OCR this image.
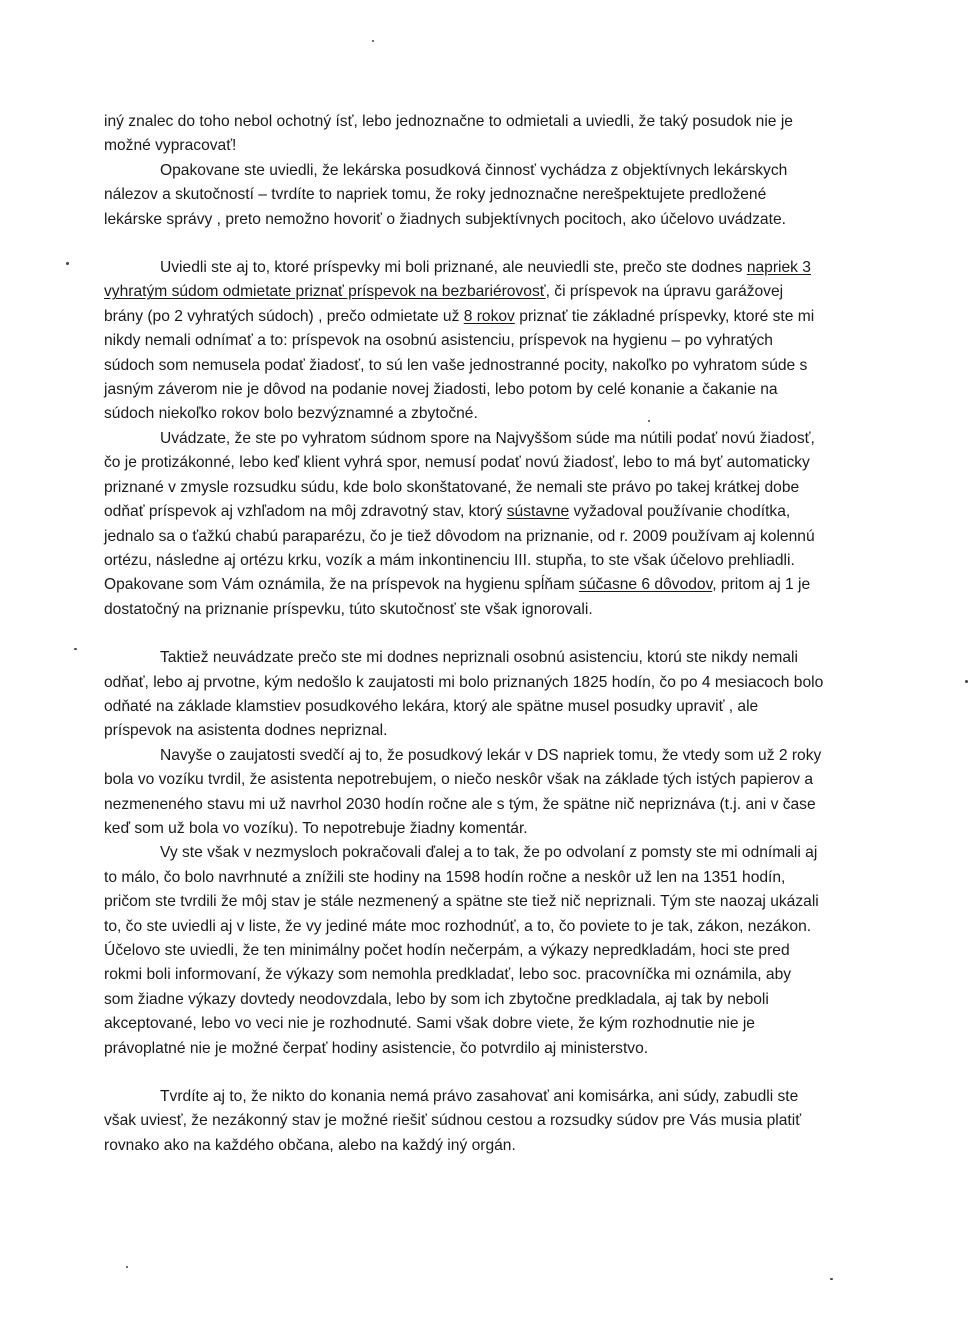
iný znalec do toho nebol ochotný ísť, lebo jednoznačne to odmietali a uviedli, že taký posudok nie je možné vypracovať!

Opakovane ste uviedli, že lekárska posudková činnosť vychádza z objektívnych lekárskych nálezov a skutočností – tvrdíte to napriek tomu, že roky jednoznačne nerešpektujete predložené lekárske správy , preto nemožno hovoriť o žiadnych subjektívnych pocitoch, ako účelovo uvádzate.

Uviedli ste aj to, ktoré príspevky mi boli priznané, ale neuviedli ste, prečo ste dodnes napriek 3 vyhratým súdom odmietate priznať príspevok na bezbariérovosť, či príspevok na úpravu garážovej brány (po 2 vyhratých súdoch) , prečo odmietate už 8 rokov priznať tie základné príspevky, ktoré ste mi nikdy nemali odnímať a to: príspevok na osobnú asistenciu, príspevok na hygienu – po vyhratých súdoch som nemusela podať žiadosť, to sú len vaše jednostranné pocity, nakoľko po vyhratom súde s jasným záverom nie je dôvod na podanie novej žiadosti, lebo potom by celé konanie a čakanie na súdoch niekoľko rokov bolo bezvýznamné a zbytočné.

Uvádzate, že ste po vyhratom súdnom spore na Najvyššom súde ma nútili podať novú žiadosť, čo je protizákonné, lebo keď klient vyhrá spor, nemusí podať novú žiadosť, lebo to má byť automaticky priznané v zmysle rozsudku súdu, kde bolo skonštatované, že nemali ste právo po takej krátkej dobe odňať príspevok aj vzhľadom na môj zdravotný stav, ktorý sústavne vyžadoval používanie chodítka, jednalo sa o ťažkú chabú paraparézu, čo je tiež dôvodom na priznanie, od r. 2009 používam aj kolennú ortézu, následne aj ortézu krku, vozík a mám inkontinenciu III. stupňa, to ste však účelovo prehliadli. Opakovane som Vám oznámila, že na príspevok na hygienu spĺňam súčasne 6 dôvodov, pritom aj 1 je dostatočný na priznanie príspevku, túto skutočnosť ste však ignorovali.

Taktiež neuvádzate prečo ste mi dodnes nepriznali osobnú asistenciu, ktorú ste nikdy nemali odňať, lebo aj prvotne, kým nedošlo k zaujatosti mi bolo priznaných 1825 hodín, čo po 4 mesiacoch bolo odňaté na základe klamstiev posudkového lekára, ktorý ale spätne musel posudky upraviť , ale príspevok na asistenta dodnes nepriznal.

Navyše o zaujatosti svedčí aj to, že posudkový lekár v DS napriek tomu, že vtedy som už 2 roky bola vo vozíku tvrdil, že asistenta nepotrebujem, o niečo neskôr však na základe tých istých papierov a nezmeneného stavu mi už navrhol 2030 hodín ročne ale s tým, že spätne nič nepriznáva (t.j. ani v čase keď som už bola vo vozíku). To nepotrebuje žiadny komentár.

Vy ste však v nezmysloch pokračovali ďalej a to tak, že po odvolaní z pomsty ste mi odnímali aj to málo, čo bolo navrhnuté a znížili ste hodiny na 1598 hodín ročne a neskôr už len na 1351 hodín, pričom ste tvrdili že môj stav je stále nezmenený a spätne ste tiež nič nepriznali. Tým ste naozaj ukázali to, čo ste uviedli aj v liste, že vy jediné máte moc rozhodnúť, a to, čo poviete to je tak, zákon, nezákon. Účelovo ste uviedli, že ten minimálny počet hodín nečerpám, a výkazy nepredkladám, hoci ste pred rokmi boli informovaní, že výkazy som nemohla predkladať, lebo soc. pracovníčka mi oznámila, aby som žiadne výkazy dovtedy neodovzdala, lebo by som ich zbytočne predkladala, aj tak by neboli akceptované, lebo vo veci nie je rozhodnuté. Sami však dobre viete, že kým rozhodnutie nie je právoplatné nie je možné čerpať hodiny asistencie, čo potvrdilo aj ministerstvo.

Tvrdíte aj to, že nikto do konania nemá právo zasahovať ani komisárka, ani súdy, zabudli ste však uviesť, že nezákonný stav je možné riešiť súdnou cestou a rozsudky súdov pre Vás musia platiť rovnako ako na každého občana, alebo na každý iný orgán.
